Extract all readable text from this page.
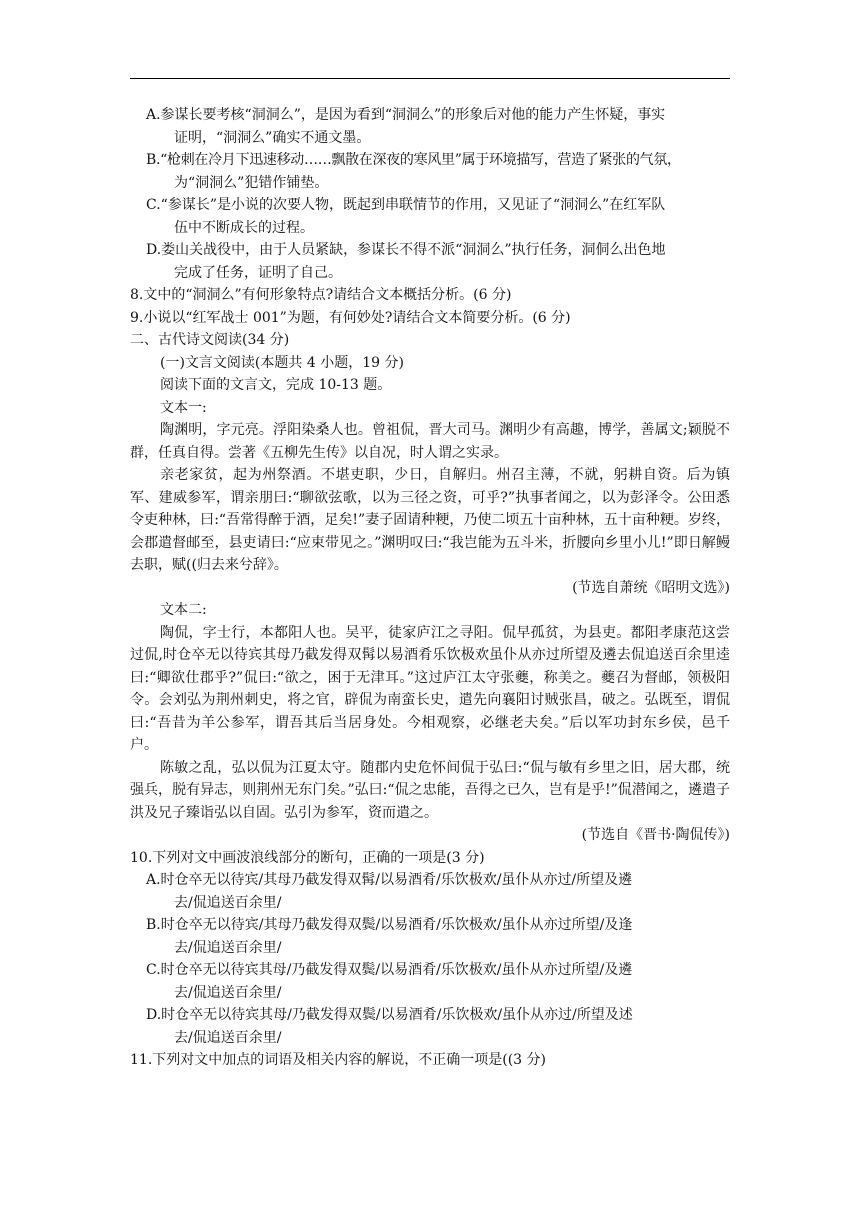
A.参谋长要考核“洞洞么”，是因为看到“洞洞么”的形象后对他的能力产生怀疑，事实

证明，“洞洞么”确实不通文墨。

B.“枪刺在冷月下迅速移动……飘散在深夜的寒风里”属于环境描写，营造了紧张的气氛，

为“洞洞么”犯错作铺垫。

C.“参谋长”是小说的次要人物，既起到串联情节的作用，又见证了“洞洞么”在红军队

伍中不断成长的过程。

D.娄山关战役中，由于人员紧缺，参谋长不得不派“洞洞么”执行任务，洞侗么出色地

完成了任务，证明了自己。

8.文中的“洞洞么”有何形象特点?请结合文本概括分析。(6 分)

9.小说以“红军战士 001”为题，有何妙处?请结合文本简要分析。(6 分)

二、古代诗文阅读(34 分)

(一)文言文阅读(本题共 4 小题，19 分)

阅读下面的文言文，完成 10-13 题。

文本一:

陶渊明，字元亮。浮阳染桑人也。曾祖侃，晋大司马。渊明少有高趣，博学，善属文;颖脱不群，任真自得。尝著《五柳先生传》以自况，时人谓之实录。

亲老家贫，起为州祭酒。不堪吏职，少日，自解归。州召主薄，不就，躬耕自资。后为镇军、建威参军，谓亲朋曰:“聊欲弦歌，以为三径之资，可乎?”执事者闻之，以为彭泽令。公田悉令吏种林，曰:“吾常得醉于酒，足矣!”妻子固请种粳，乃使二顷五十亩种林，五十亩种粳。岁终，会郡遣督邮至，县吏请曰:“应束带见之。”渊明叹曰:“我岂能为五斗米，折腰向乡里小儿!”即日解鳗去职，赋((归去来兮辞》。

(节选自萧统《昭明文选》)

文本二:

陶侃，字士行，本都阳人也。吴平，徒家庐江之寻阳。侃早孤贫，为县吏。都阳孝康范这尝过侃,时仓卒无以待宾其母乃截发得双髯以易酒肴乐饮极欢虽仆从亦过所望及遴去侃追送百余里逵曰:“卿欲仕郡乎?”侃曰:“欲之，困于无津耳。”这过庐江太守张夔，称美之。夔召为督邮，领极阳令。会刘弘为荆州刺史，将之官，辟侃为南蛮长史，遣先向襄阳讨贼张昌，破之。弘既至，谓侃曰:“吾昔为羊公参军，谓吾其后当居身处。今相观察，必继老夫矣。”后以军功封东乡侯，邑千户。

陈敏之乱，弘以侃为江夏太守。随郡内史危怀间侃于弘曰:“侃与敏有乡里之旧，居大郡，统强兵，脱有异志，则荆州无东门矣。”弘曰:“侃之忠能，吾得之已久，岂有是乎!”侃潜闻之，遴遣子洪及兄子臻诣弘以自固。弘引为参军，资而遣之。

(节选自《晋书·陶侃传》)

10.下列对文中画波浪线部分的断句，正确的一项是(3 分)

A.时仓卒无以待宾/其母乃截发得双髯/以易酒肴/乐饮极欢/虽仆从亦过/所望及遴

去/侃追送百余里/

B.时仓卒无以待宾/其母乃截发得双鬓/以易酒肴/乐饮极欢/虽仆从亦过所望/及逢

去/侃追送百余里/

C.时仓卒无以待宾其母/乃截发得双鬓/以易酒肴/乐饮极欢/虽仆从亦过所望/及遴

去/侃追送百余里/

D.时仓卒无以待宾其母/乃截发得双鬓/以易酒肴/乐饮极欢/虽仆从亦过/所望及述

去/侃追送百余里/

11.下列对文中加点的词语及相关内容的解说，不正确一项是((3 分)
